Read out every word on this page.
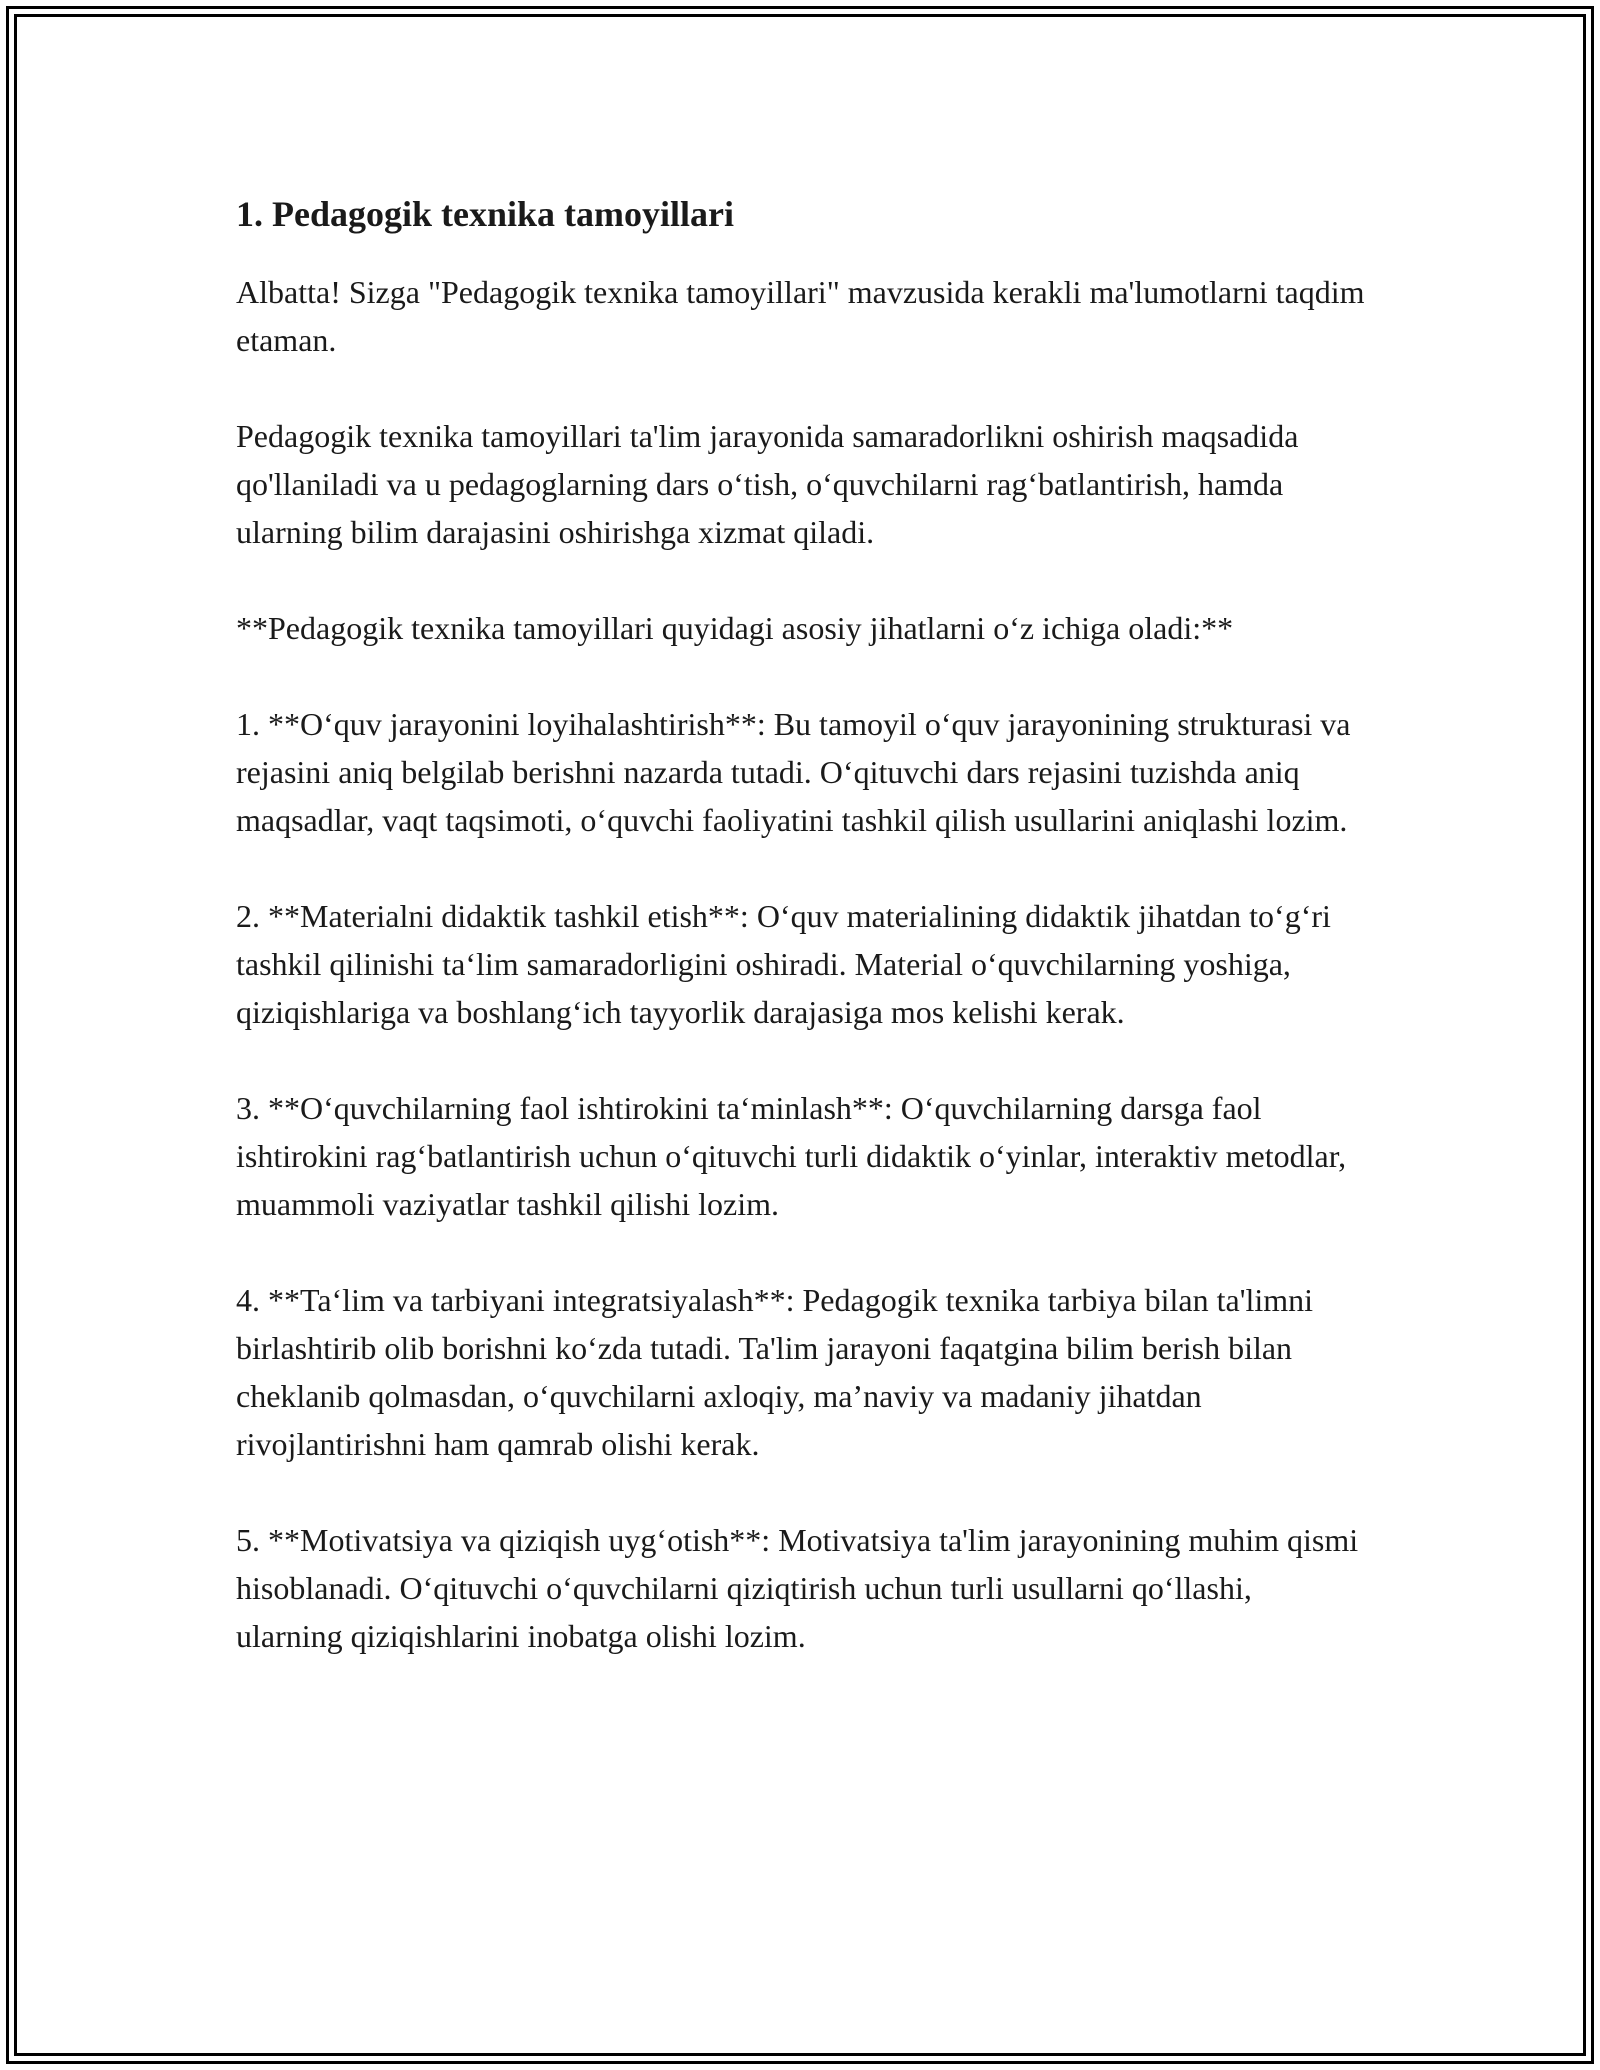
1. Pedagogik texnika tamoyillari

Albatta! Sizga "Pedagogik texnika tamoyillari" mavzusida kerakli ma'lumotlarni taqdim etaman.

Pedagogik texnika tamoyillari ta'lim jarayonida samaradorlikni oshirish maqsadida qo'llaniladi va u pedagoglarning dars o‘tish, o‘quvchilarni rag‘batlantirish, hamda ularning bilim darajasini oshirishga xizmat qiladi.

**Pedagogik texnika tamoyillari quyidagi asosiy jihatlarni o‘z ichiga oladi:**

1. **O‘quv jarayonini loyihalashtirish**: Bu tamoyil o‘quv jarayonining strukturasi va rejasini aniq belgilab berishni nazarda tutadi. O‘qituvchi dars rejasini tuzishda aniq maqsadlar, vaqt taqsimoti, o‘quvchi faoliyatini tashkil qilish usullarini aniqlashi lozim.

2. **Materialni didaktik tashkil etish**: O‘quv materialining didaktik jihatdan to‘g‘ri tashkil qilinishi ta‘lim samaradorligini oshiradi. Material o‘quvchilarning yoshiga, qiziqishlariga va boshlang‘ich tayyorlik darajasiga mos kelishi kerak.

3. **O‘quvchilarning faol ishtirokini ta‘minlash**: O‘quvchilarning darsga faol ishtirokini rag‘batlantirish uchun o‘qituvchi turli didaktik o‘yinlar, interaktiv metodlar, muammoli vaziyatlar tashkil qilishi lozim.

4. **Ta‘lim va tarbiyani integratsiyalash**: Pedagogik texnika tarbiya bilan ta'limni birlashtirib olib borishni ko‘zda tutadi. Ta'lim jarayoni faqatgina bilim berish bilan cheklanib qolmasdan, o‘quvchilarni axloqiy, ma’naviy va madaniy jihatdan rivojlantirishni ham qamrab olishi kerak.

5. **Motivatsiya va qiziqish uyg‘otish**: Motivatsiya ta'lim jarayonining muhim qismi hisoblanadi. O‘qituvchi o‘quvchilarni qiziqtirish uchun turli usullarni qo‘llashi, ularning qiziqishlarini inobatga olishi lozim.
